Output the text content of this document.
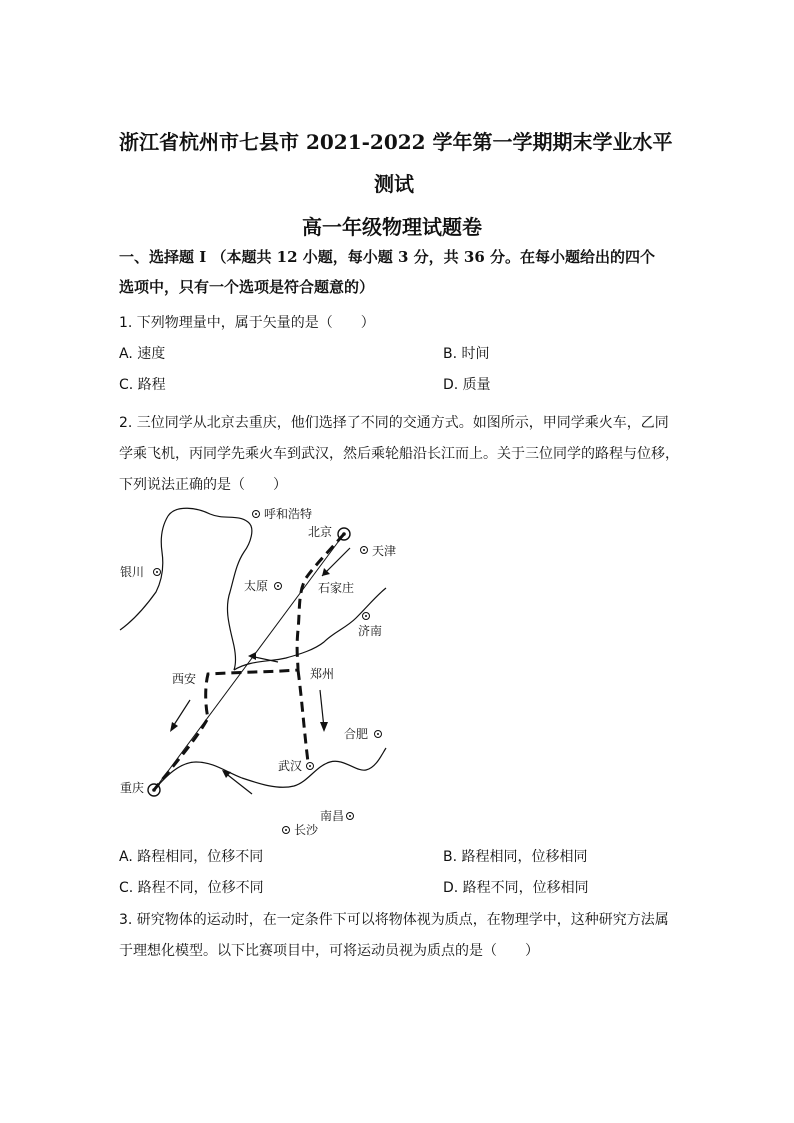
浙江省杭州市七县市 2021-2022 学年第一学期期末学业水平
测试
高一年级物理试题卷
一、选择题 I （本题共 12 小题，每小题 3 分，共 36 分。在每小题给出的四个
选项中，只有一个选项是符合题意的）
1. 下列物理量中，属于矢量的是（　　）
A. 速度	B. 时间
C. 路程	D. 质量
2. 三位同学从北京去重庆，他们选择了不同的交通方式。如图所示，甲同学乘火车，乙同
学乘飞机，丙同学先乘火车到武汉，然后乘轮船沿长江而上。关于三位同学的路程与位移，
下列说法正确的是（　　）
呼和浩特
北京
天津
银川
太原	石家庄
济南
西安	郑州
合肥
武汉
重庆
南昌
长沙
A. 路程相同，位移不同	B. 路程相同，位移相同
C. 路程不同，位移不同	D. 路程不同，位移相同
3. 研究物体的运动时，在一定条件下可以将物体视为质点，在物理学中，这种研究方法属
于理想化模型。以下比赛项目中，可将运动员视为质点的是（　　）
